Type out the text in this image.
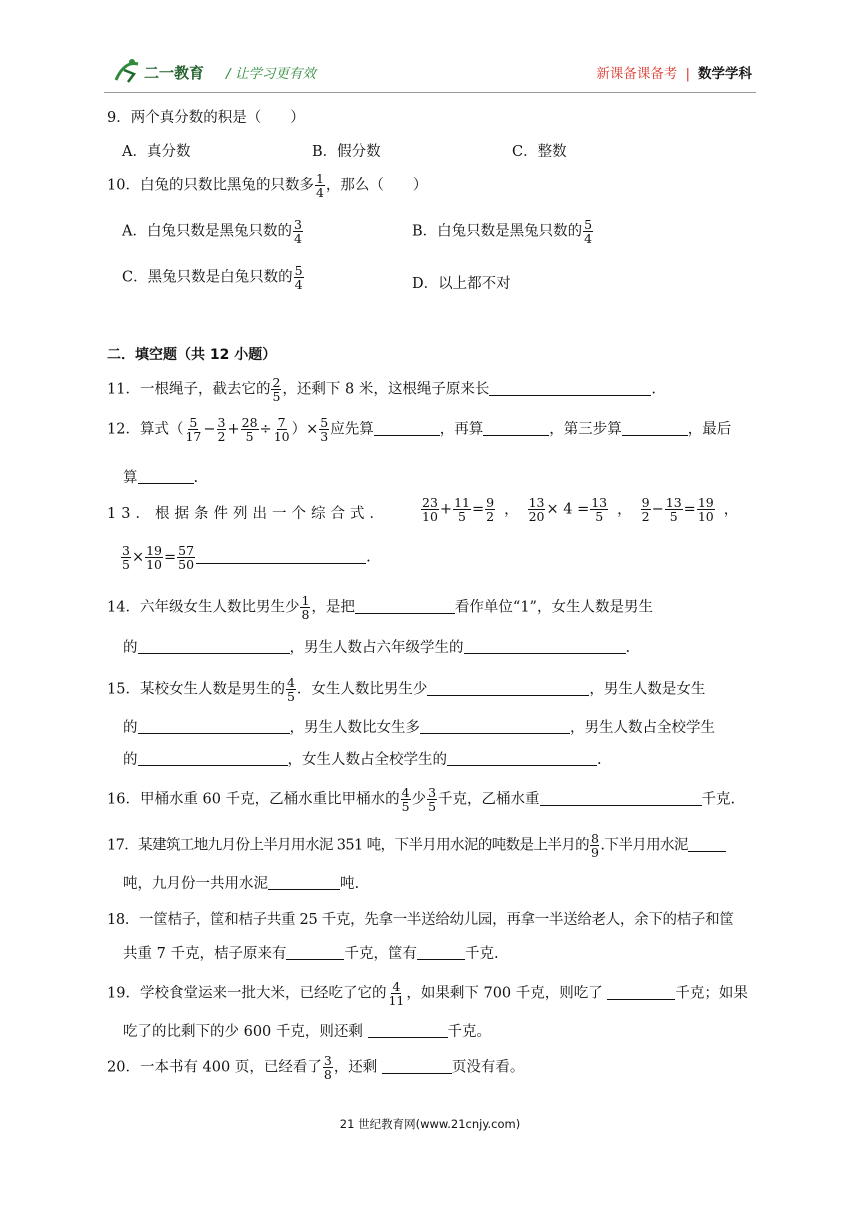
二一教育 / 让学习更有效	新课备课备考 | 数学学科
9．两个真分数的积是（　　）
A．真分数	B．假分数	C．整数
10．白兔的只数比黑兔的只数多 $\frac{1}{4}$ ，那么（　　）
A．白兔只数是黑兔只数的 $\frac{3}{4}$	B．白兔只数是黑兔只数的 $\frac{5}{4}$
C．黑兔只数是白兔只数的 $\frac{5}{4}$	D．以上都不对
二．填空题（共 12 小题）
11．一根绳子，截去它的 $\frac{2}{5}$ ，还剩下 8 米，这根绳子原来长	.
12．算式（ $\frac{5}{17} - \frac{3}{2} + \frac{28}{5} \div \frac{7}{10}$ ）× $\frac{5}{3}$ 应先算	，再算	，第三步算	，最后
算	.
13．根据条件列出一个综合式．	$\frac{23}{10} + \frac{11}{5} = \frac{9}{2}$ ， $\frac{13}{20} \times 4 = \frac{13}{5}$ ， $\frac{9}{2} - \frac{13}{5} = \frac{19}{10}$ ，
$\frac{3}{5} \times \frac{19}{10} = \frac{57}{50}$	.
14．六年级女生人数比男生少 $\frac{1}{8}$ ，是把	看作单位“1”，女生人数是男生
的	，男生人数占六年级学生的	.
15．某校女生人数是男生的 $\frac{4}{5}$ ．女生人数比男生少	，男生人数是女生
的	，男生人数比女生多	，男生人数占全校学生
的	，女生人数占全校学生的	.
16．甲桶水重 60 千克，乙桶水重比甲桶水的 $\frac{4}{5}$ 少 $\frac{3}{5}$ 千克，乙桶水重	千克.
17．某建筑工地九月份上半月用水泥 351 吨，下半月用水泥的吨数是上半月的 $\frac{8}{9}$ .下半月用水泥
吨，九月份一共用水泥	吨.
18．一筐桔子，筐和桔子共重 25 千克，先拿一半送给幼儿园，再拿一半送给老人，余下的桔子和筐
共重 7 千克，桔子原来有	千克，筐有	千克.
19．学校食堂运来一批大米，已经吃了它的 $\frac{4}{11}$ ，如果剩下 700 千克，则吃了	千克；如果
吃了的比剩下的少 600 千克，则还剩	千克。
20．一本书有 400 页，已经看了 $\frac{3}{8}$ ，还剩	页没有看。
21 世纪教育网(www.21cnjy.com)
